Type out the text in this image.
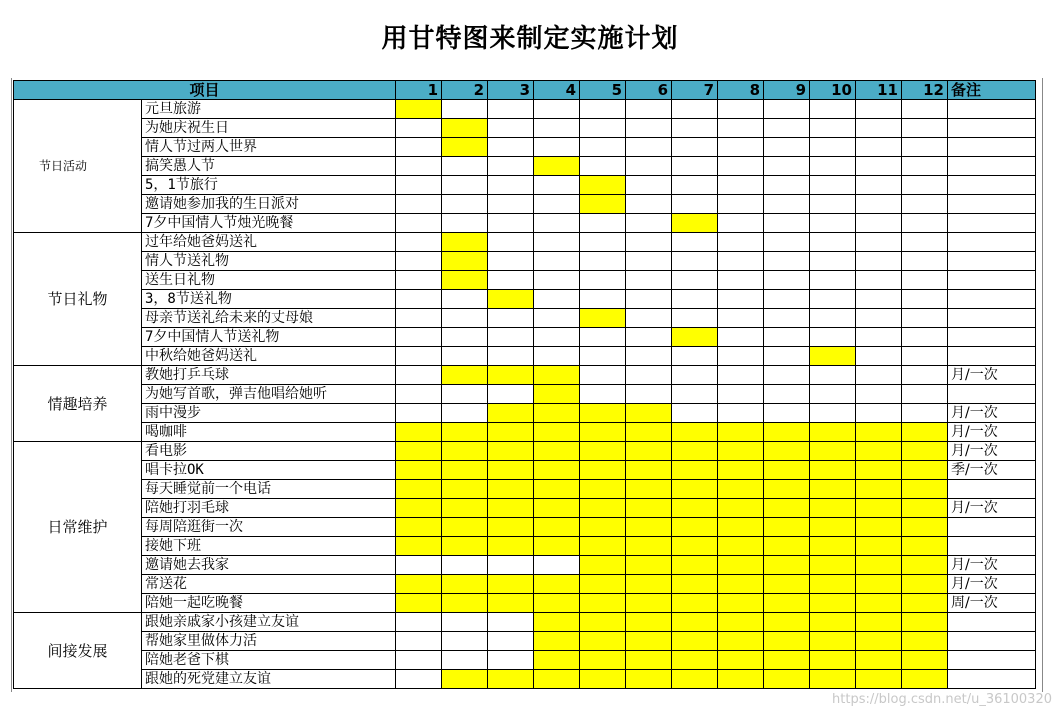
用甘特图来制定实施计划
项目		1	2	3	4	5	6	7	8	9	10	11	12	备注
节日活动	元旦旅游													
	为她庆祝生日													
	情人节过两人世界													
	搞笑愚人节													
	5，1节旅行													
	邀请她参加我的生日派对													
	7夕中国情人节烛光晚餐													
节日礼物	过年给她爸妈送礼													
	情人节送礼物													
	送生日礼物													
	3，8节送礼物													
	母亲节送礼给未来的丈母娘													
	7夕中国情人节送礼物													
	中秋给她爸妈送礼													
情趣培养	教她打乒乓球													月/一次
	为她写首歌，弹吉他唱给她听													
	雨中漫步													月/一次
	喝咖啡													月/一次
日常维护	看电影													月/一次
	唱卡拉OK													季/一次
	每天睡觉前一个电话													
	陪她打羽毛球													月/一次
	每周陪逛街一次													
	接她下班													
	邀请她去我家													月/一次
	常送花													月/一次
	陪她一起吃晚餐													周/一次
间接发展	跟她亲戚家小孩建立友谊													
	帮她家里做体力活													
	陪她老爸下棋													
	跟她的死党建立友谊													
https://blog.csdn.net/u_36100320
